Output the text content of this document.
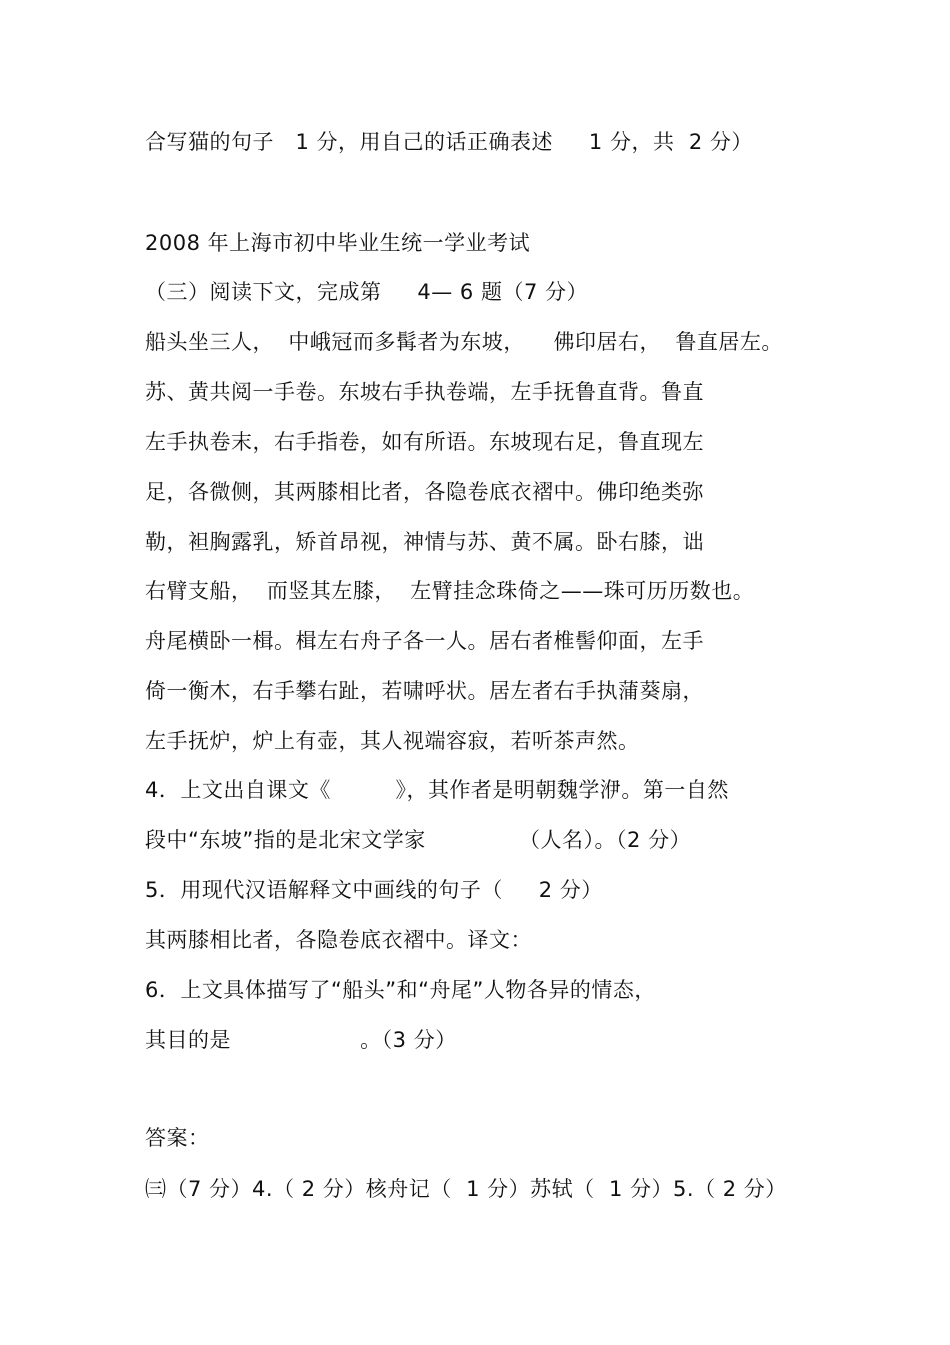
合写猫的句子   1 分，用自己的话正确表述     1 分，共  2 分）
2008 年上海市初中毕业生统一学业考试
（三）阅读下文，完成第     4— 6 题（7 分）
船头坐三人，  中峨冠而多髯者为东坡，    佛印居右，  鲁直居左。
苏、黄共阅一手卷。东坡右手执卷端，左手抚鲁直背。鲁直
左手执卷末，右手指卷，如有所语。东坡现右足，鲁直现左
足，各微侧，其两膝相比者，各隐卷底衣褶中。佛印绝类弥
勒，袒胸露乳，矫首昂视，神情与苏、黄不属。卧右膝，诎
右臂支船，  而竖其左膝，  左臂挂念珠倚之——珠可历历数也。
舟尾横卧一楫。楫左右舟子各一人。居右者椎髻仰面，左手
倚一衡木，右手攀右趾，若啸呼状。居左者右手执蒲葵扇，
左手抚炉，炉上有壶，其人视端容寂，若听茶声然。
4．上文出自课文《         》，其作者是明朝魏学洢。第一自然
段中“东坡”指的是北宋文学家             （人名）。（2 分）
5．用现代汉语解释文中画线的句子（     2 分）
其两膝相比者，各隐卷底衣褶中。译文：
6．上文具体描写了“船头”和“舟尾”人物各异的情态，
其目的是                  。（3 分）
答案：
㈢（7 分）4.（ 2 分）核舟记（  1 分）苏轼（  1 分）5.（ 2 分）
